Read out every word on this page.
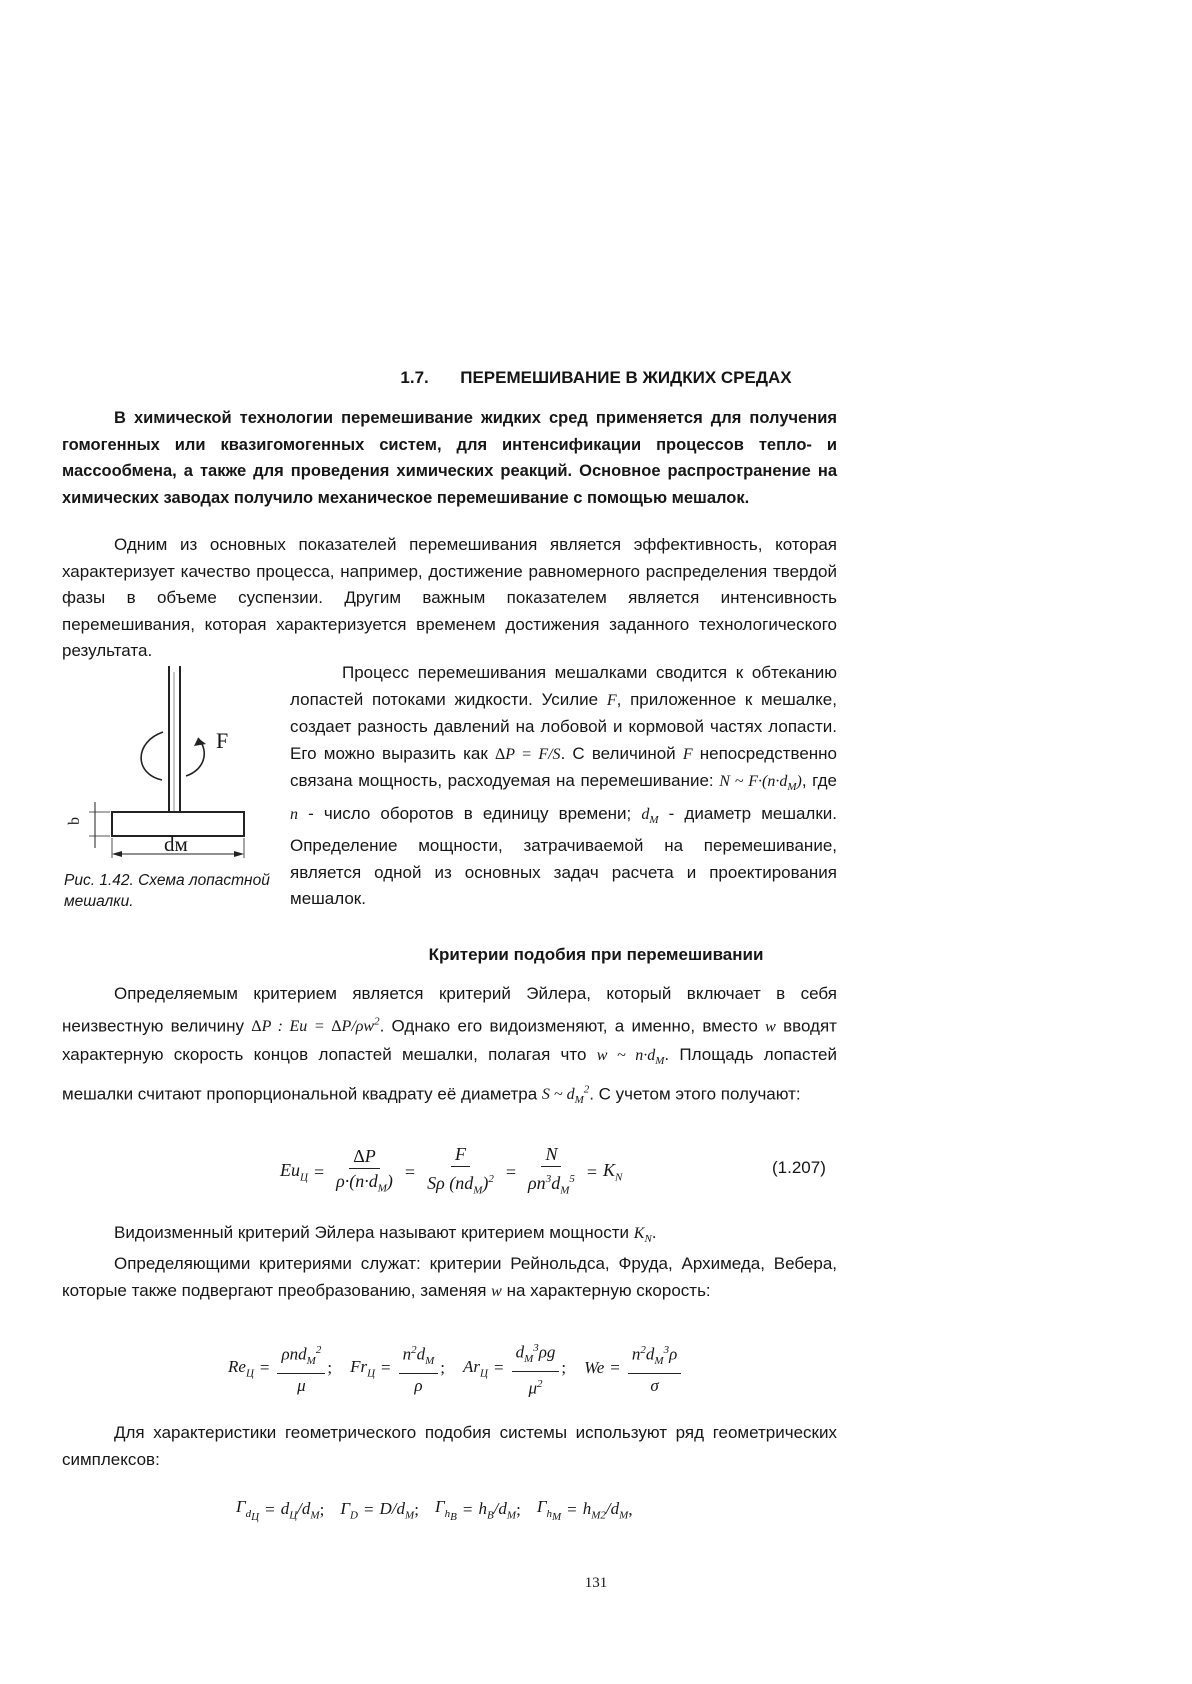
1.7. ПЕРЕМЕШИВАНИЕ В ЖИДКИХ СРЕДАХ

В химической технологии перемешивание жидких сред применяется для получения гомогенных или квазигомогенных систем, для интенсификации процессов тепло- и массообмена, а также для проведения химических реакций. Основное распространение на химических заводах получило механическое перемешивание с помощью мешалок.

Одним из основных показателей перемешивания является эффективность, которая характеризует качество процесса, например, достижение равномерного распределения твердой фазы в объеме суспензии. Другим важным показателем является интенсивность перемешивания, которая характеризуется временем достижения заданного технологического результата.

F
b
dм

Рис. 1.42. Схема лопастной мешалки.

Процесс перемешивания мешалками сводится к обтеканию лопастей потоками жидкости. Усилие F, приложенное к мешалке, создает разность давлений на лобовой и кормовой частях лопасти. Его можно выразить как ΔP = F/S. С величиной F непосредственно связана мощность, расходуемая на перемешивание: N ~ $F\cdot(n\cdot d_M)$, где n - число оборотов в единицу времени; $d_M$ - диаметр мешалки. Определение мощности, затрачиваемой на перемешивание, является одной из основных задач расчета и проектирования мешалок.

Критерии подобия при перемешивании

Определяемым критерием является критерий Эйлера, который включает в себя неизвестную величину ΔP : $Eu = \Delta P/\rho w^2$. Однако его видоизменяют, а именно, вместо w вводят характерную скорость концов лопастей мешалки, полагая что w ~ $n\cdot d_M$. Площадь лопастей мешалки считают пропорциональной квадрату её диаметра S ~ $d_M^2$. С учетом этого получают:

$Eu_Ц = \frac{\Delta P}{\rho\cdot(n\cdot d_M)} = \frac{F}{S\rho (nd_M)^2} = \frac{N}{\rho n^3d_M^5} = K_N$
(1.207)

Видоизменный критерий Эйлера называют критерием мощности $K_N$.

Определяющими критериями служат: критерии Рейнольдса, Фруда, Архимеда, Вебера, которые также подвергают преобразованию, заменяя w на характерную скорость:

$Re_Ц = \frac{\rho nd_M^2}{\mu}$ ; $Fr_Ц = \frac{n^2d_M}{\rho}$ ; $Ar_Ц = \frac{d_M^3\rho g}{\mu^2}$ ; $We = \frac{n^2d_M^3\rho}{\sigma}$

Для характеристики геометрического подобия системы используют ряд геометрических симплексов:

$Г_{d_Ц} = d_Ц/d_M$ ; $Г_D = D/d_M$ ; $Г_{h_B} = h_B/d_M$ ; $Г_{h_M} = h_{M2}/d_M$ ,
131
